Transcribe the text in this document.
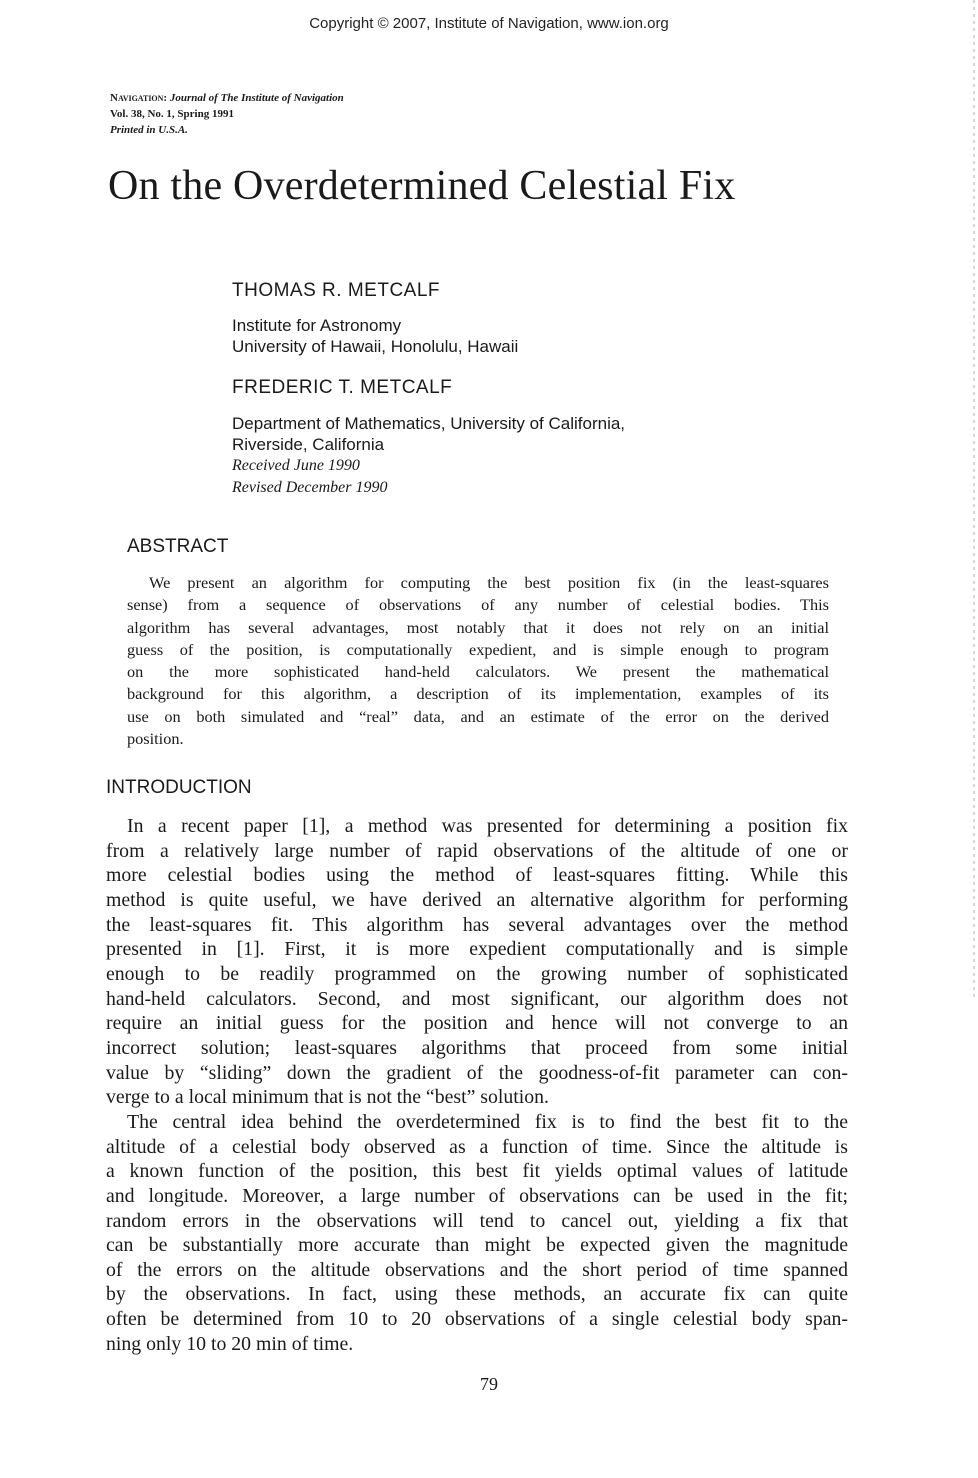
Copyright © 2007, Institute of Navigation, www.ion.org
Navigation: Journal of The Institute of Navigation
Vol. 38, No. 1, Spring 1991
Printed in U.S.A.
On the Overdetermined Celestial Fix
THOMAS R. METCALF
Institute for Astronomy
University of Hawaii, Honolulu, Hawaii
FREDERIC T. METCALF
Department of Mathematics, University of California,
Riverside, California
Received June 1990
Revised December 1990
ABSTRACT
We present an algorithm for computing the best position fix (in the least-squares
sense) from a sequence of observations of any number of celestial bodies. This
algorithm has several advantages, most notably that it does not rely on an initial
guess of the position, is computationally expedient, and is simple enough to program
on the more sophisticated hand-held calculators. We present the mathematical
background for this algorithm, a description of its implementation, examples of its
use on both simulated and “real” data, and an estimate of the error on the derived
position.
INTRODUCTION
In a recent paper [1], a method was presented for determining a position fix
from a relatively large number of rapid observations of the altitude of one or
more celestial bodies using the method of least-squares fitting. While this
method is quite useful, we have derived an alternative algorithm for performing
the least-squares fit. This algorithm has several advantages over the method
presented in [1]. First, it is more expedient computationally and is simple
enough to be readily programmed on the growing number of sophisticated
hand-held calculators. Second, and most significant, our algorithm does not
require an initial guess for the position and hence will not converge to an
incorrect solution; least-squares algorithms that proceed from some initial
value by “sliding” down the gradient of the goodness-of-fit parameter can con-
verge to a local minimum that is not the “best” solution.
The central idea behind the overdetermined fix is to find the best fit to the
altitude of a celestial body observed as a function of time. Since the altitude is
a known function of the position, this best fit yields optimal values of latitude
and longitude. Moreover, a large number of observations can be used in the fit;
random errors in the observations will tend to cancel out, yielding a fix that
can be substantially more accurate than might be expected given the magnitude
of the errors on the altitude observations and the short period of time spanned
by the observations. In fact, using these methods, an accurate fix can quite
often be determined from 10 to 20 observations of a single celestial body span-
ning only 10 to 20 min of time.
79
